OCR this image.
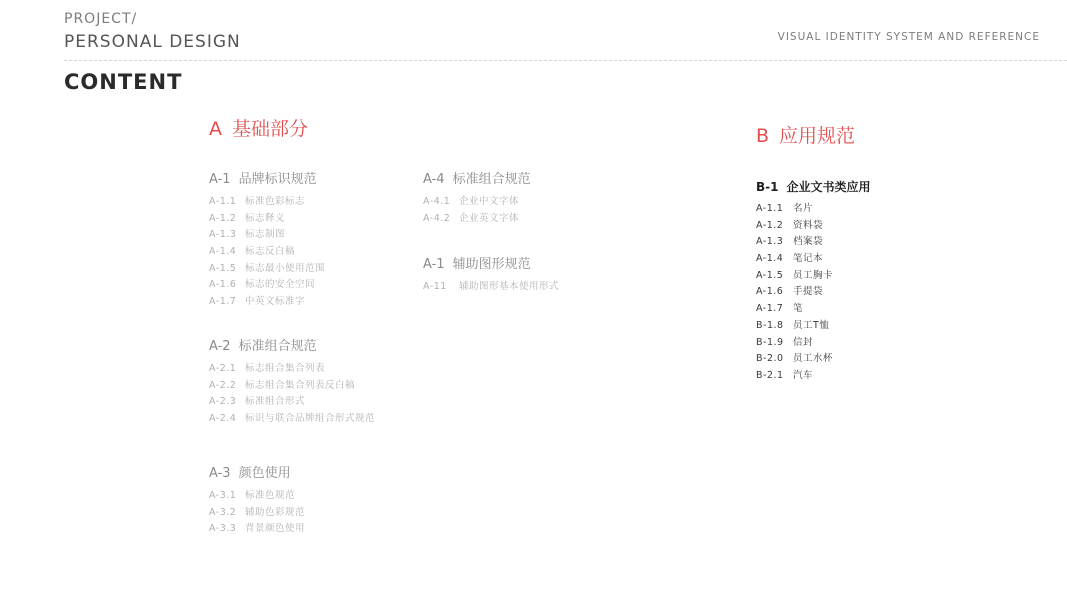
PROJECT/
PERSONAL DESIGN	VISUAL IDENTITY SYSTEM AND REFERENCE
CONTENT
A 基础部分	B 应用规范
A-1 品牌标识规范
A-1.1 标准色彩标志
A-1.2 标志释义
A-1.3 标志制图
A-1.4 标志反白稿
A-1.5 标志最小使用范围
A-1.6 标志的安全空间
A-1.7 中英文标准字
A-2 标准组合规范
A-2.1 标志组合集合列表
A-2.2 标志组合集合列表反白稿
A-2.3 标准组合形式
A-2.4 标识与联合品牌组合形式规范
A-3 颜色使用
A-3.1 标准色规范
A-3.2 辅助色彩规范
A-3.3 背景颜色使用
A-4 标准组合规范
A-4.1 企业中文字体
A-4.2 企业英文字体
A-1 辅助图形规范
A-11 辅助图形基本使用形式
B-1 企业文书类应用
A-1.1 名片
A-1.2 资料袋
A-1.3 档案袋
A-1.4 笔记本
A-1.5 员工胸卡
A-1.6 手提袋
A-1.7 笔
B-1.8 员工T恤
B-1.9 信封
B-2.0 员工水杯
B-2.1 汽车
